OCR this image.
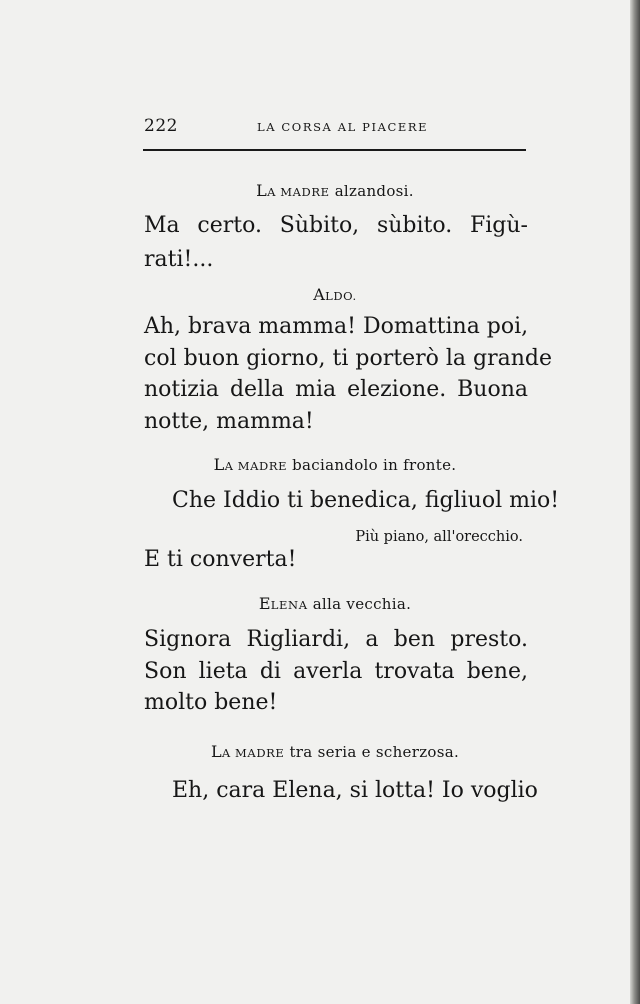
222	LA CORSA AL PIACERE
LA MADRE alzandosi.
Ma certo. Sùbito, sùbito. Figù-
rati!...
ALDO.
Ah, brava mamma! Domattina poi,
col buon giorno, ti porterò la grande
notizia della mia elezione. Buona
notte, mamma!
LA MADRE baciandolo in fronte.
Che Iddio ti benedica, figliuol mio!
Più piano, all'orecchio.
E ti converta!
ELENA alla vecchia.
Signora Rigliardi, a ben presto.
Son lieta di averla trovata bene,
molto bene!
LA MADRE tra seria e scherzosa.
Eh, cara Elena, si lotta! Io voglio
